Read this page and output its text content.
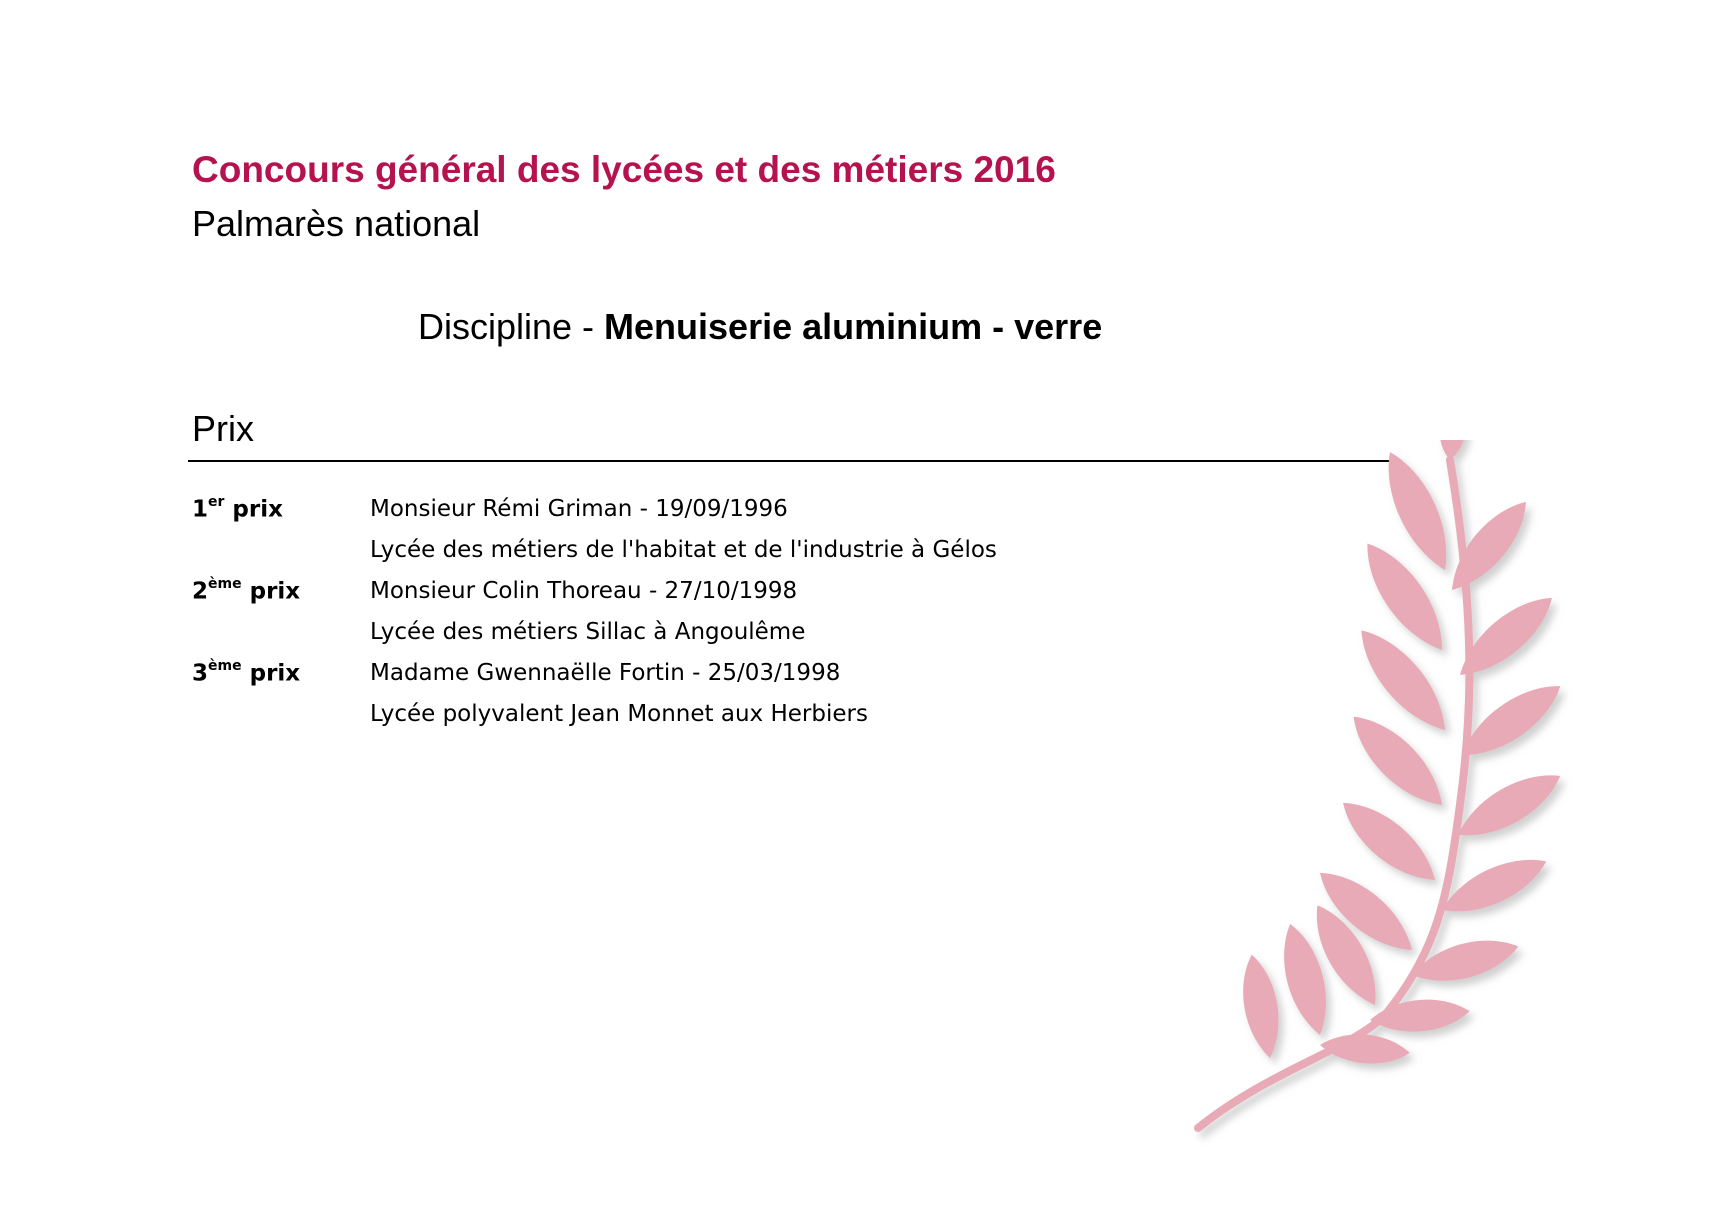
Concours général des lycées et des métiers 2016
Palmarès national
Discipline - Menuiserie aluminium - verre
Prix
1er prix	Monsieur Rémi Griman - 19/09/1996
Lycée des métiers de l'habitat et de l'industrie à Gélos
2ème prix	Monsieur Colin Thoreau - 27/10/1998
Lycée des métiers Sillac à Angoulême
3ème prix	Madame Gwennaëlle Fortin - 25/03/1998
Lycée polyvalent Jean Monnet aux Herbiers
